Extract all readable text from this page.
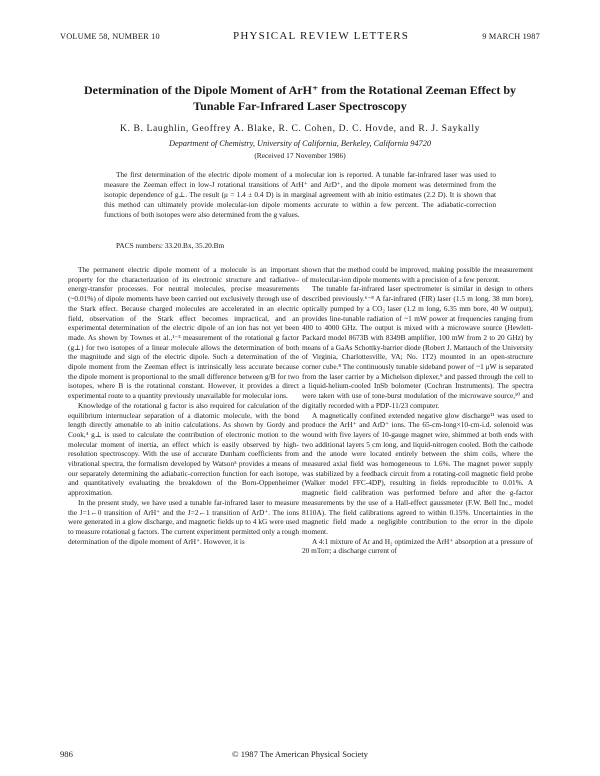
VOLUME 58, NUMBER 10	PHYSICAL REVIEW LETTERS	9 MARCH 1987
Determination of the Dipole Moment of ArH⁺ from the Rotational Zeeman Effect by Tunable Far-Infrared Laser Spectroscopy
K. B. Laughlin, Geoffrey A. Blake, R. C. Cohen, D. C. Hovde, and R. J. Saykally
Department of Chemistry, University of California, Berkeley, California 94720
(Received 17 November 1986)

The first determination of the electric dipole moment of a molecular ion is reported. A tunable far-infrared laser was used to measure the Zeeman effect in low-J rotational transitions of ArH⁺ and ArD⁺, and the dipole moment was determined from the isotopic dependence of g⊥. The result (μ = 1.4 ± 0.4 D) is in marginal agreement with ab initio estimates (2.2 D). It is shown that this method can ultimately provide molecular-ion dipole moments accurate to within a few percent. The adiabatic-correction functions of both isotopes were also determined from the g values.

PACS numbers: 33.20.Bx, 35.20.Bm

The permanent electric dipole moment of a molecule is an important property for the characterization of its electronic structure and radiative–energy-transfer processes. For neutral molecules, precise measurements (~0.01%) of dipole moments have been carried out exclusively through use of the Stark effect. Because charged molecules are accelerated in an electric field, observation of the Stark effect becomes impractical, and an experimental determination of the electric dipole of an ion has not yet been made. As shown by Townes et al.,¹⁻³ measurement of the rotational g factor (g⊥) for two isotopes of a linear molecule allows the determination of both the magnitude and sign of the electric dipole. Such a determination of the dipole moment from the Zeeman effect is intrinsically less accurate because the dipole moment is proportional to the small difference between g/B for two isotopes, where B is the rotational constant. However, it provides a direct experimental route to a quantity previously unavailable for molecular ions.

Knowledge of the rotational g factor is also required for calculation of the equilibrium internuclear separation of a diatomic molecule, with the bond length directly amenable to ab initio calculations. As shown by Gordy and Cook,⁴ g⊥ is used to calculate the contribution of electronic motion to the molecular moment of inertia, an effect which is easily observed by high-resolution spectroscopy. With the use of accurate Dunham coefficients from vibrational spectra, the formalism developed by Watson⁵ provides a means of our separately determining the adiabatic-correction function for each isotope, and quantitatively evaluating the breakdown of the Born-Oppenheimer approximation.

In the present study, we have used a tunable far-infrared laser to measure the J=1←0 transition of ArH⁺ and the J=2←1 transition of ArD⁺. The ions were generated in a glow discharge, and magnetic fields up to 4 kG were used to measure rotational g factors. The current experiment permitted only a rough determination of the dipole moment of ArH⁺. However, it is

shown that the method could be improved, making possible the measurement of molecular-ion dipole moments with a precision of a few percent.

The tunable far-infrared laser spectrometer is similar in design to others described previously.⁶⁻⁸ A far-infrared (FIR) laser (1.5 m long, 38 mm bore), optically pumped by a CO₂ laser (1.2 m long, 6.35 mm bore, 40 W output), provides line-tunable radiation of ~1 mW power at frequencies ranging from 400 to 4000 GHz. The output is mixed with a microwave source (Hewlett-Packard model 8673B with 8349B amplifier, 100 mW from 2 to 20 GHz) by means of a GaAs Schottky-barrier diode (Robert J. Mattauch of the University of Virginia, Charlottesville, VA; No. 1T2) mounted in an open-structure corner cube.⁸ The continuously tunable sideband power of ~1 μW is separated from the laser carrier by a Michelson diplexer,⁹ and passed through the cell to a liquid-helium-cooled InSb bolometer (Cochran Instruments). The spectra were taken with use of tone-burst modulation of the microwave source,¹⁰ and digitally recorded with a PDP-11/23 computer.

A magnetically confined extended negative glow discharge¹¹ was used to produce the ArH⁺ and ArD⁺ ions. The 65-cm-long×10-cm-i.d. solenoid was wound with five layers of 10-gauge magnet wire, shimmed at both ends with two additional layers 5 cm long, and liquid-nitrogen cooled. Both the cathode and the anode were located entirely between the shim coils, where the measured axial field was homogeneous to 1.6%. The magnet power supply was stabilized by a feedback circuit from a rotating-coil magnetic field probe (Walker model FFC-4DP), resulting in fields reproducible to 0.01%. A magnetic field calibration was performed before and after the g-factor measurements by the use of a Hall-effect gaussmeter (F.W. Bell Inc., model 8110A). The field calibrations agreed to within 0.15%. Uncertainties in the magnetic field made a negligible contribution to the error in the dipole moment.

A 4:1 mixture of Ar and H₂ optimized the ArH⁺ absorption at a pressure of 20 mTorr; a discharge current of

986	© 1987 The American Physical Society
